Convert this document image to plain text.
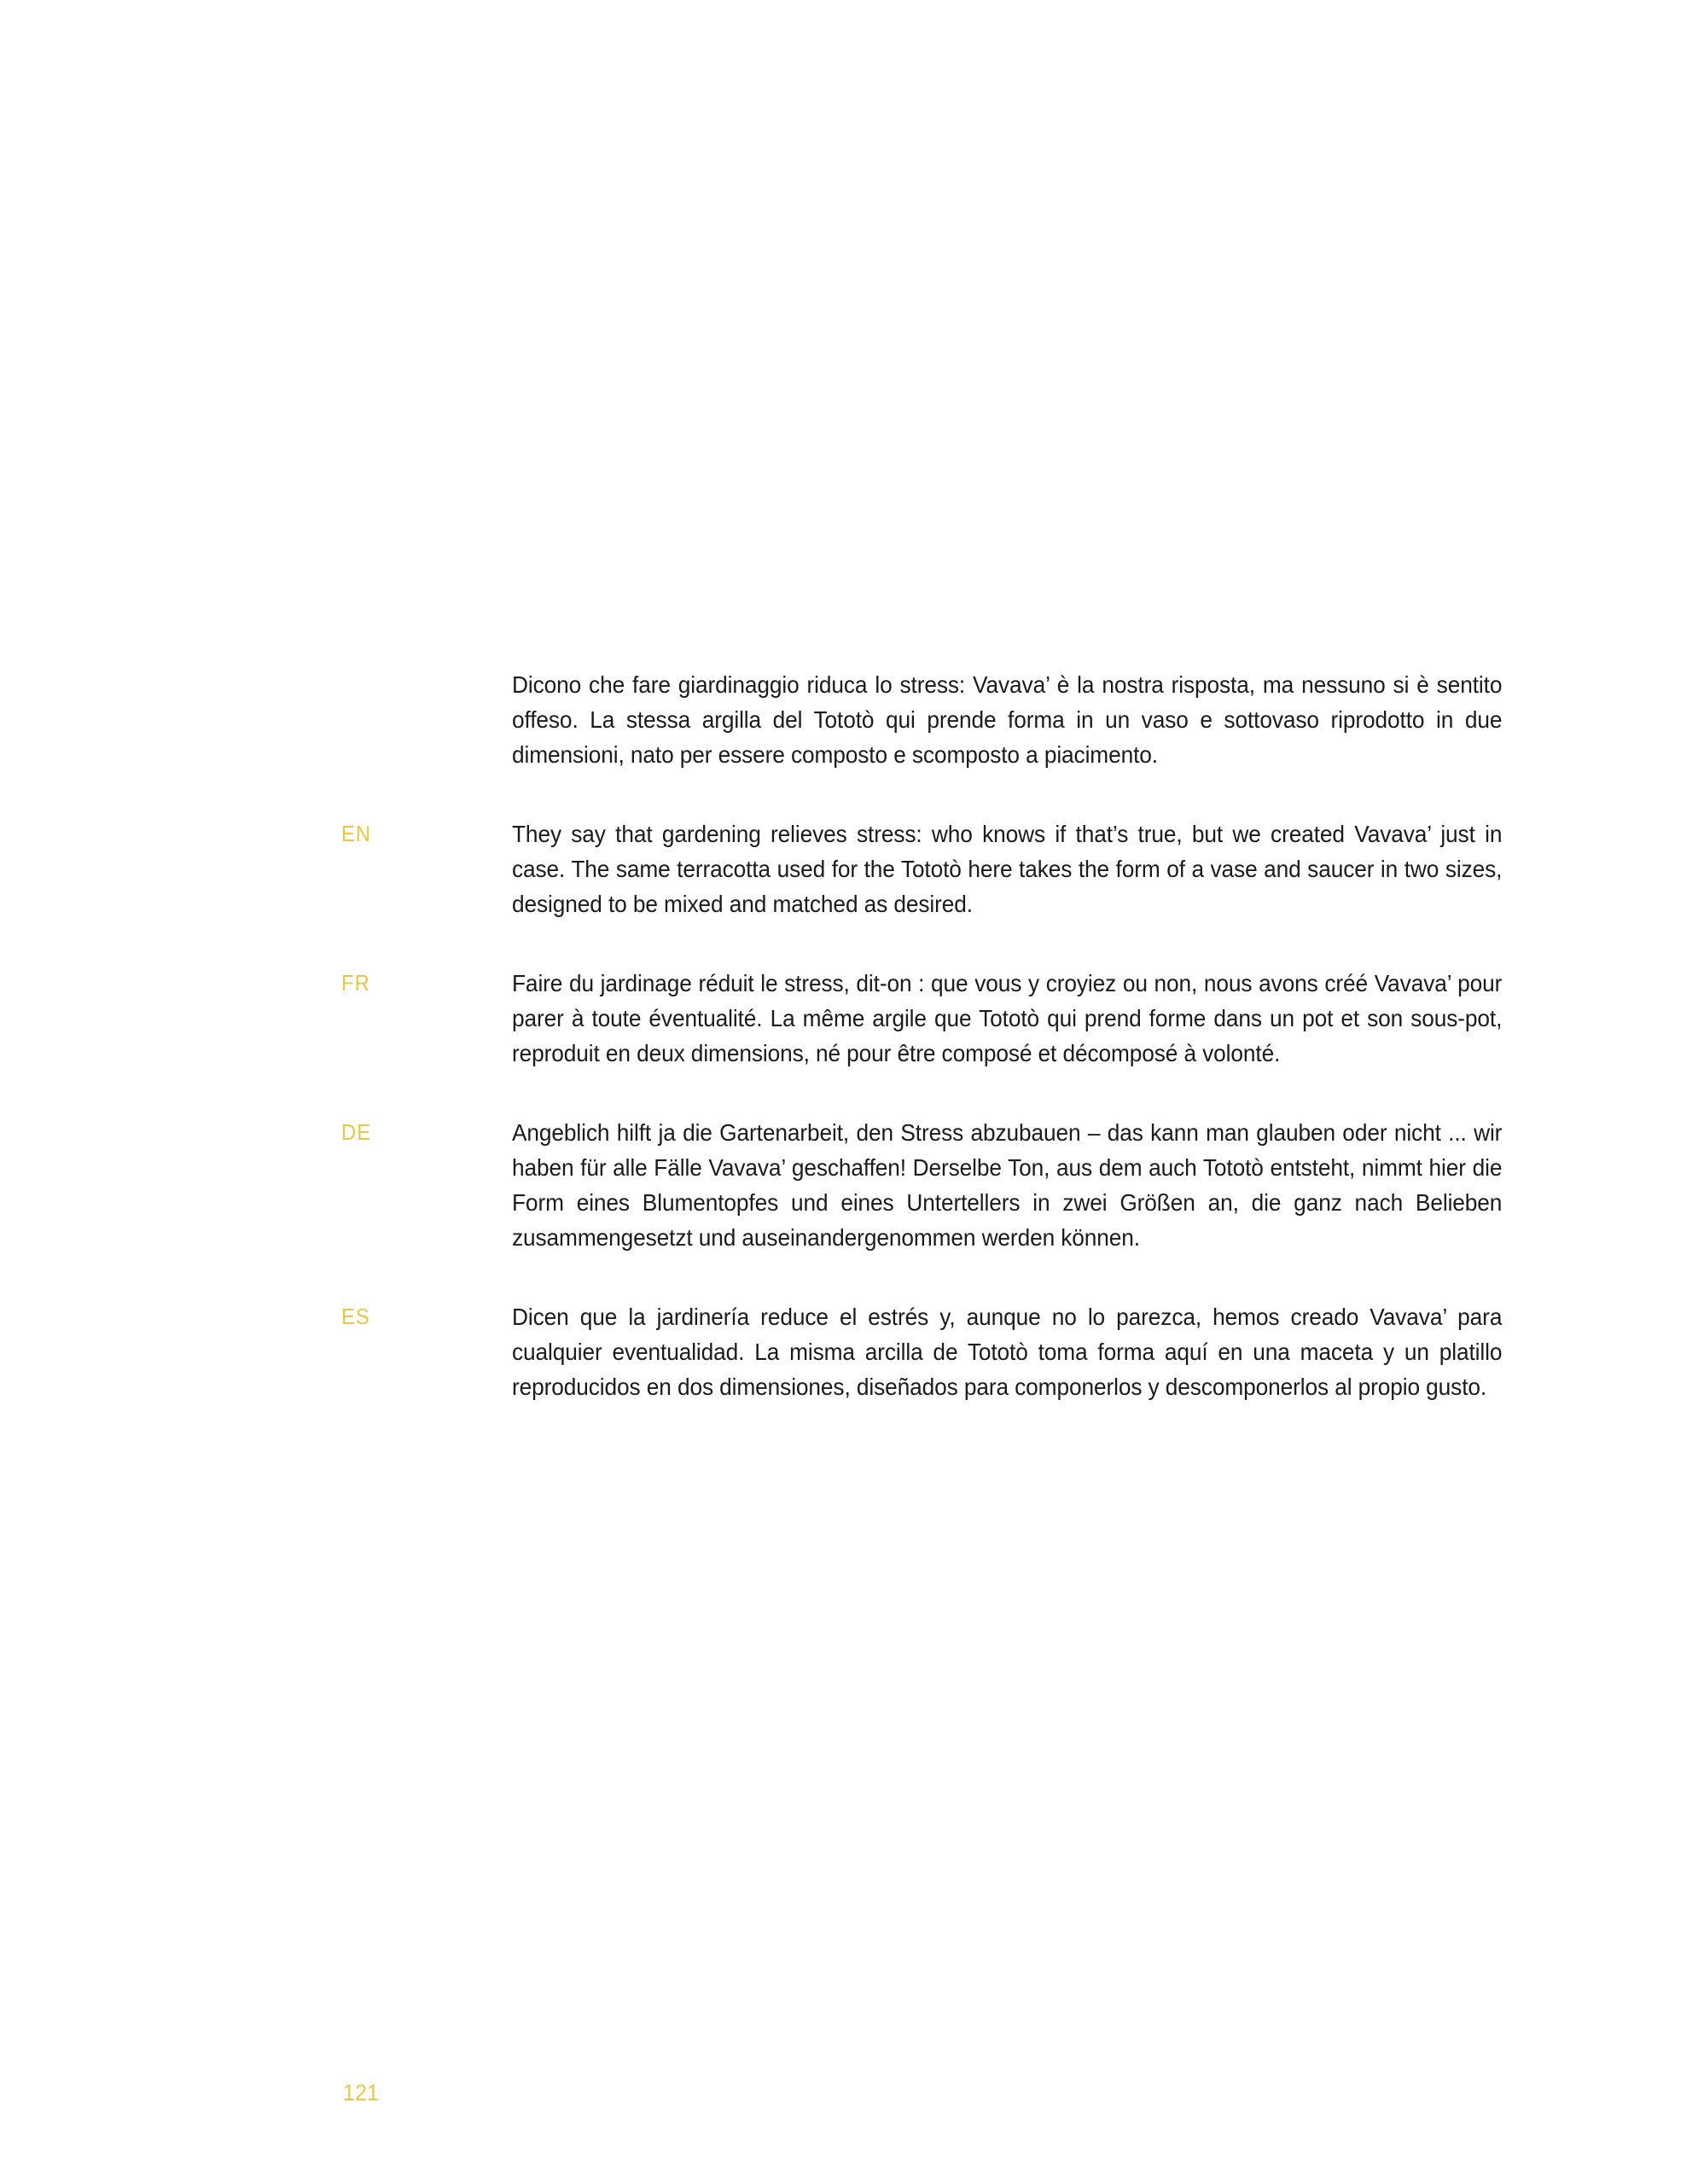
Dicono che fare giardinaggio riduca lo stress: Vavava’ è la nostra risposta, ma nessuno si è sentito offeso. La stessa argilla del Tototò qui prende forma in un vaso e sottovaso riprodotto in due dimensioni, nato per essere composto e scomposto a piacimento.
EN	They say that gardening relieves stress: who knows if that’s true, but we created Vavava’ just in case. The same terracotta used for the Tototò here takes the form of a vase and saucer in two sizes, designed to be mixed and matched as desired.
FR	Faire du jardinage réduit le stress, dit-on : que vous y croyiez ou non, nous avons créé Vavava’ pour parer à toute éventualité. La même argile que Tototò qui prend forme dans un pot et son sous-pot, reproduit en deux dimensions, né pour être composé et décomposé à volonté.
DE	Angeblich hilft ja die Gartenarbeit, den Stress abzubauen – das kann man glauben oder nicht ... wir haben für alle Fälle Vavava’ geschaffen! Derselbe Ton, aus dem auch Tototò entsteht, nimmt hier die Form eines Blumentopfes und eines Untertellers in zwei Größen an, die ganz nach Belieben zusammengesetzt und auseinandergenommen werden können.
ES	Dicen que la jardinería reduce el estrés y, aunque no lo parezca, hemos creado Vavava’ para cualquier eventualidad. La misma arcilla de Tototò toma forma aquí en una maceta y un platillo reproducidos en dos dimensiones, diseñados para componerlos y descomponerlos al propio gusto.
121
